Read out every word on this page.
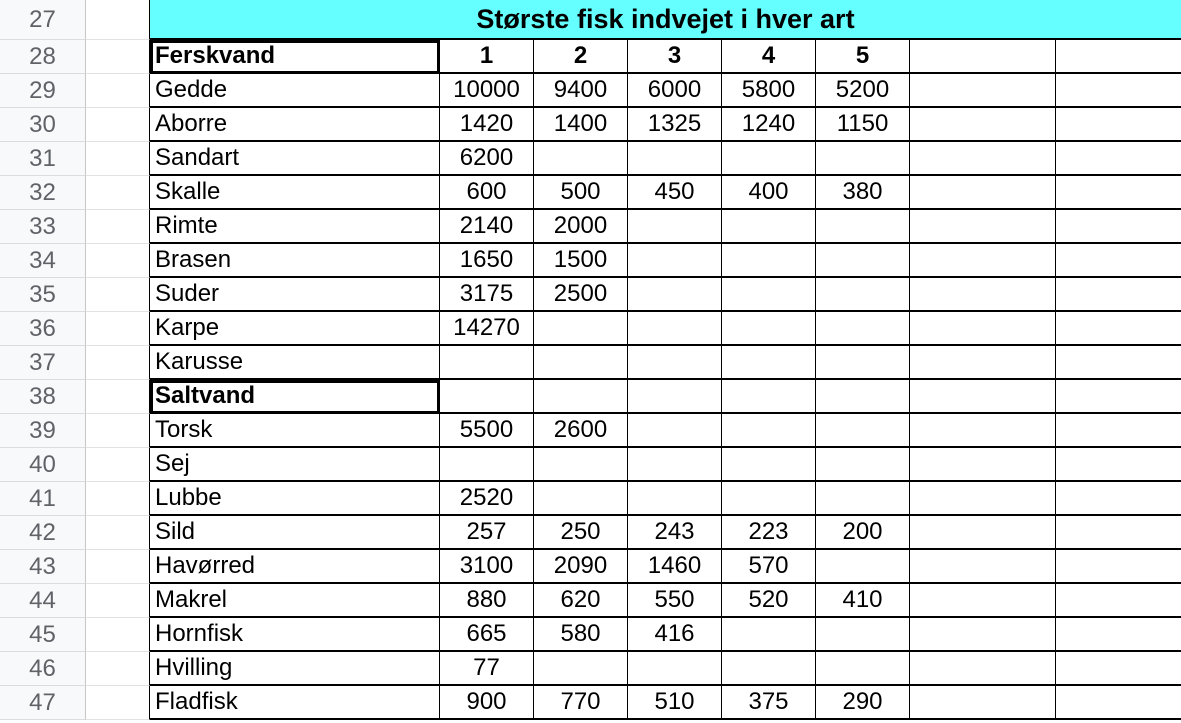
27	Største fisk indvejet i hver art
28	Ferskvand	1	2	3	4	5
29	Gedde	10000	9400	6000	5800	5200
30	Aborre	1420	1400	1325	1240	1150
31	Sandart	6200
32	Skalle	600	500	450	400	380
33	Rimte	2140	2000
34	Brasen	1650	1500
35	Suder	3175	2500
36	Karpe	14270
37	Karusse
38	Saltvand
39	Torsk	5500	2600
40	Sej
41	Lubbe	2520
42	Sild	257	250	243	223	200
43	Havørred	3100	2090	1460	570
44	Makrel	880	620	550	520	410
45	Hornfisk	665	580	416
46	Hvilling	77
47	Fladfisk	900	770	510	375	290
